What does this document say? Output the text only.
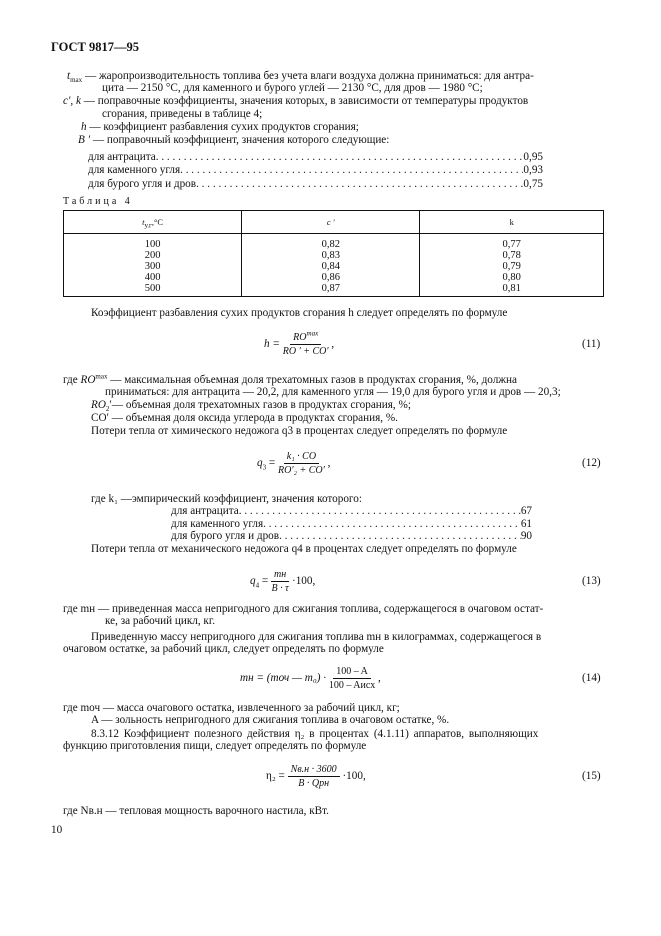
ГОСТ 9817—95
$t_{max}$ — жаропроизводительность топлива без учета влаги воздуха должна приниматься: для антра-
цита — 2150 °С, для каменного и бурого углей — 2130 °С, для дров — 1980 °С;
c′, k — поправочные коэффициенты, значения которых, в зависимости от температуры продуктов
сгорания, приведены в таблице 4;
h — коэффициент разбавления сухих продуктов сгорания;
B ′ — поправочный коэффициент, значения которого следующие:
для антрацита . . .	0,95
для каменного угля . . .	0,93
для бурого угля и дров . . .	0,75
Таблица 4
$t_{у.г},^\circ С$	c ′	k
100	0,82	0,77
200	0,83	0,78
300	0,84	0,79
400	0,86	0,80
500	0,87	0,81
Коэффициент разбавления сухих продуктов сгорания h следует определять по формуле
$h = \frac{RO^{max}}{RO ' + CO'}$ ,	(11)
где $RO^{max}$ — максимальная объемная доля трехатомных газов в продуктах сгорания, %, должна
приниматься: для антрацита — 20,2, для каменного угля — 19,0 для бурого угля и дров — 20,3;
$RO_2'—$ объемная доля трехатомных газов в продуктах сгорания, %;
CO′ — объемная доля оксида углерода в продуктах сгорания, %.
Потери тепла от химического недожога q3 в процентах следует определять по формуле
$q_3 = \frac{\text{k₁ · CO}}{\text{RO′₂ + CO′}}$ ,	(12)
где k₁ —эмпирический коэффициент, значения которого:
для антрацита . . .	67
для каменного угля . . .	61
для бурого угля и дров . . .	90
Потери тепла от механического недожога q4 в процентах следует определять по формуле
$q_4 = \frac{mн}{B \cdot \tau} \cdot 100$,	(13)
где mн — приведенная масса непригодного для сжигания топлива, содержащегося в очаговом остат-
ке, за рабочий цикл, кг.
Приведенную массу непригодного для сжигания топлива mн в килограммах, содержащегося в
очаговом остатке, за рабочий цикл, следует определять по формуле
mн = (mоч — $m_0) \cdot \frac{100 - A}{\text{100 – Aисх}}$ ,	(14)
где mоч — масса очагового остатка, извлеченного за рабочий цикл, кг;
A — зольность непригодного для сжигания топлива в очаговом остатке, %.
8.3.12 Коэффициент полезного действия η₂ в процентах (4.1.11) аппаратов, выполняющих
функцию приготовления пищи, следует определять по формуле
$\eta_2 = \frac{Nв.н \cdot 3600}{\text{B · Qрн}} \cdot 100$,	(15)
где Nв.н — тепловая мощность варочного настила, кВт.
10
